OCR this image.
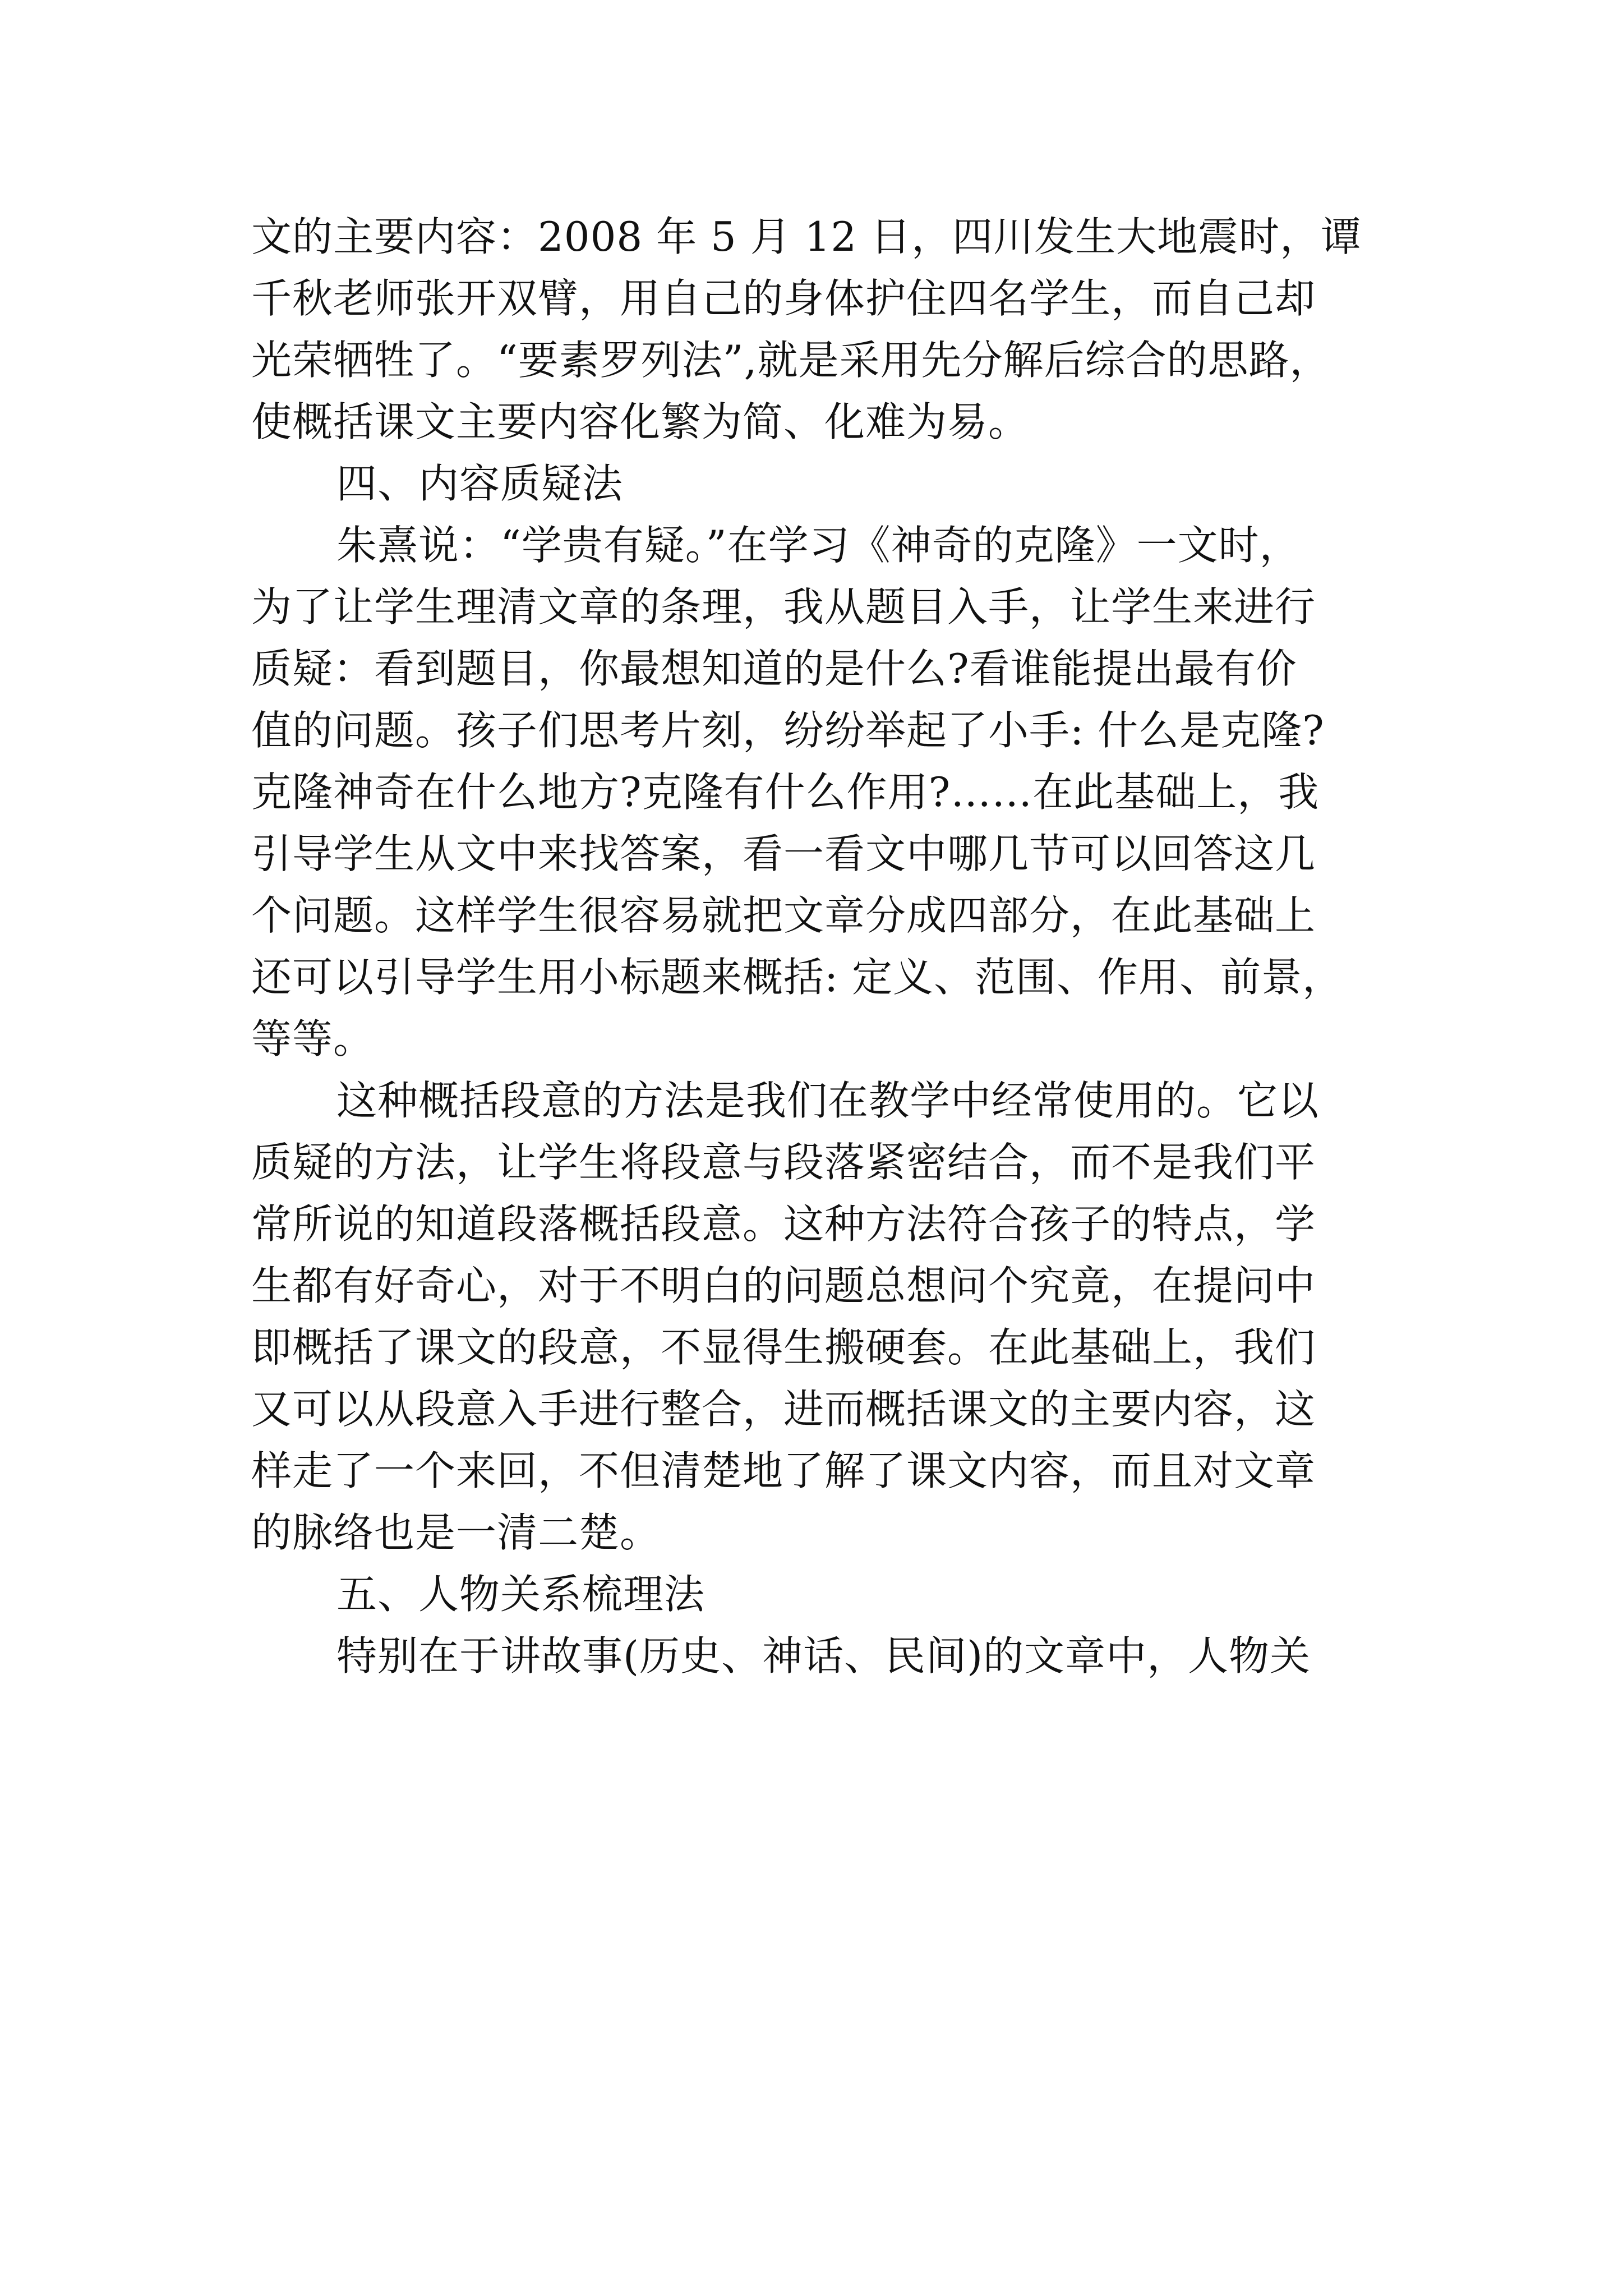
文的主要内容：2008 年 5 月 12 日，四川发生大地震时，谭
千秋老师张开双臂，用自己的身体护住四名学生，而自己却
光荣牺牲了。“要素罗列法”,就是采用先分解后综合的思路，
使概括课文主要内容化繁为简、化难为易。
四、内容质疑法
朱熹说：“学贵有疑。”在学习《神奇的克隆》一文时，
为了让学生理清文章的条理，我从题目入手，让学生来进行
质疑：看到题目，你最想知道的是什么?看谁能提出最有价
值的问题。孩子们思考片刻，纷纷举起了小手: 什么是克隆?
克隆神奇在什么地方?克隆有什么作用?……在此基础上，我
引导学生从文中来找答案，看一看文中哪几节可以回答这几
个问题。这样学生很容易就把文章分成四部分，在此基础上
还可以引导学生用小标题来概括: 定义、范围、作用、前景，
等等。
这种概括段意的方法是我们在教学中经常使用的。它以
质疑的方法，让学生将段意与段落紧密结合，而不是我们平
常所说的知道段落概括段意。这种方法符合孩子的特点，学
生都有好奇心，对于不明白的问题总想问个究竟，在提问中
即概括了课文的段意，不显得生搬硬套。在此基础上，我们
又可以从段意入手进行整合，进而概括课文的主要内容，这
样走了一个来回，不但清楚地了解了课文内容，而且对文章
的脉络也是一清二楚。
五、人物关系梳理法
特别在于讲故事(历史、神话、民间)的文章中，人物关
